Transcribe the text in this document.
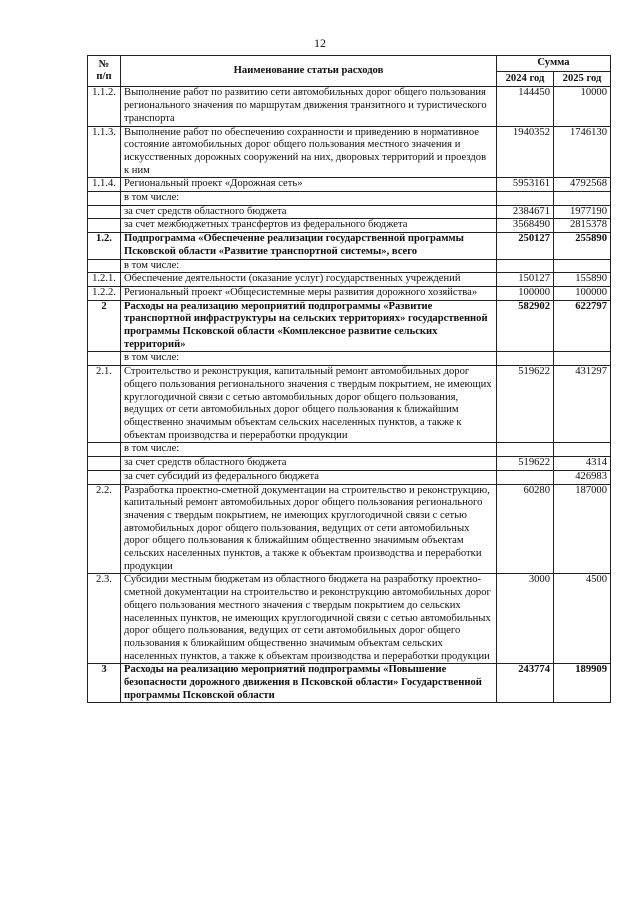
12
№
п/п	Наименование статьи расходов	Сумма	
		2024 год	2025 год
1.1.2.	Выполнение работ по развитию сети автомобильных дорог общего пользования регионального значения по маршрутам движения транзитного и туристического транспорта	144450	10000
1.1.3.	Выполнение работ по обеспечению сохранности и приведению в нормативное состояние автомобильных дорог общего пользования местного значения и искусственных дорожных сооружений на них, дворовых территорий и проездов к ним	1940352	1746130
1.1.4.	Региональный проект «Дорожная сеть»	5953161	4792568
	в том числе:		
	за счет средств областного бюджета	2384671	1977190
	за счет межбюджетных трансфертов из федерального бюджета	3568490	2815378
1.2.	Подпрограмма «Обеспечение реализации государственной программы Псковской области «Развитие транспортной системы», всего	250127	255890
	в том числе:		
1.2.1.	Обеспечение деятельности (оказание услуг) государственных учреждений	150127	155890
1.2.2.	Региональный проект «Общесистемные меры развития дорожного хозяйства»	100000	100000
2	Расходы на реализацию мероприятий подпрограммы «Развитие транспортной инфраструктуры на сельских территориях» государственной программы Псковской области «Комплексное развитие сельских территорий»	582902	622797
	в том числе:		
2.1.	Строительство и реконструкция, капитальный ремонт автомобильных дорог общего пользования регионального значения с твердым покрытием, не имеющих круглогодичной связи с сетью автомобильных дорог общего пользования, ведущих от сети автомобильных дорог общего пользования к ближайшим общественно значимым объектам сельских населенных пунктов, а также к объектам производства и переработки продукции	519622	431297
	в том числе:		
	за счет средств областного бюджета	519622	4314
	за счет субсидий из федерального бюджета		426983
2.2.	Разработка проектно-сметной документации на строительство и реконструкцию, капитальный ремонт автомобильных дорог общего пользования регионального значения с твердым покрытием, не имеющих круглогодичной связи с сетью автомобильных дорог общего пользования, ведущих от сети автомобильных дорог общего пользования к ближайшим общественно значимым объектам сельских населенных пунктов, а также к объектам производства и переработки продукции	60280	187000
2.3.	Субсидии местным бюджетам из областного бюджета на разработку проектно-сметной документации на строительство и реконструкцию автомобильных дорог общего пользования местного значения с твердым покрытием до сельских населенных пунктов, не имеющих круглогодичной связи с сетью автомобильных дорог общего пользования, ведущих от сети автомобильных дорог общего пользования к ближайшим общественно значимым объектам сельских населенных пунктов, а также к объектам производства и переработки продукции	3000	4500
3	Расходы на реализацию мероприятий подпрограммы «Повышение безопасности дорожного движения в Псковской области» Государственной программы Псковской области	243774	189909
